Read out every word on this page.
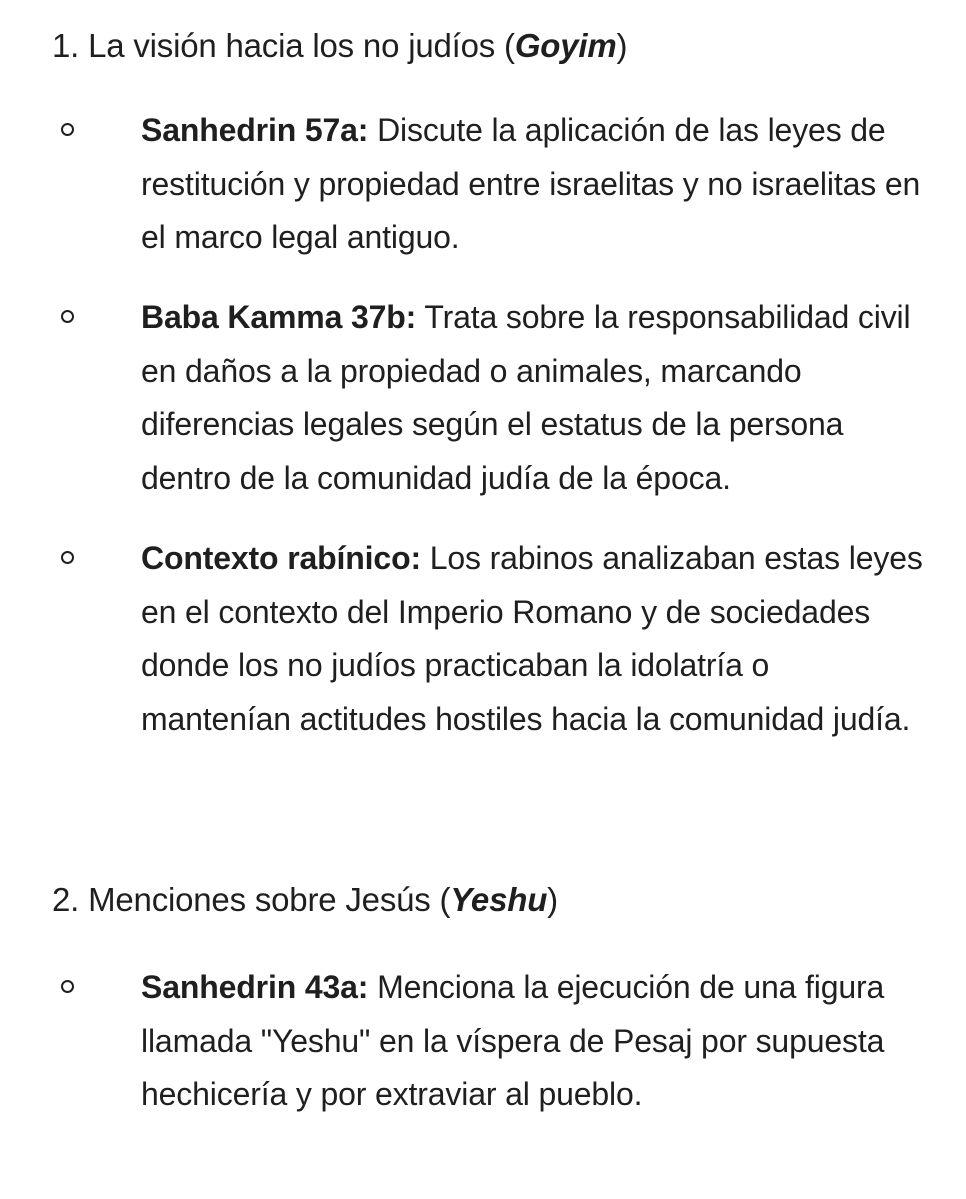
1. La visión hacia los no judíos (Goyim)
Sanhedrin 57a: Discute la aplicación de las leyes de restitución y propiedad entre israelitas y no israelitas en el marco legal antiguo.
Baba Kamma 37b: Trata sobre la responsabilidad civil en daños a la propiedad o animales, marcando diferencias legales según el estatus de la persona dentro de la comunidad judía de la época.
Contexto rabínico: Los rabinos analizaban estas leyes en el contexto del Imperio Romano y de sociedades donde los no judíos practicaban la idolatría o mantenían actitudes hostiles hacia la comunidad judía.
2. Menciones sobre Jesús (Yeshu)
Sanhedrin 43a: Menciona la ejecución de una figura llamada "Yeshu" en la víspera de Pesaj por supuesta hechicería y por extraviar al pueblo.
